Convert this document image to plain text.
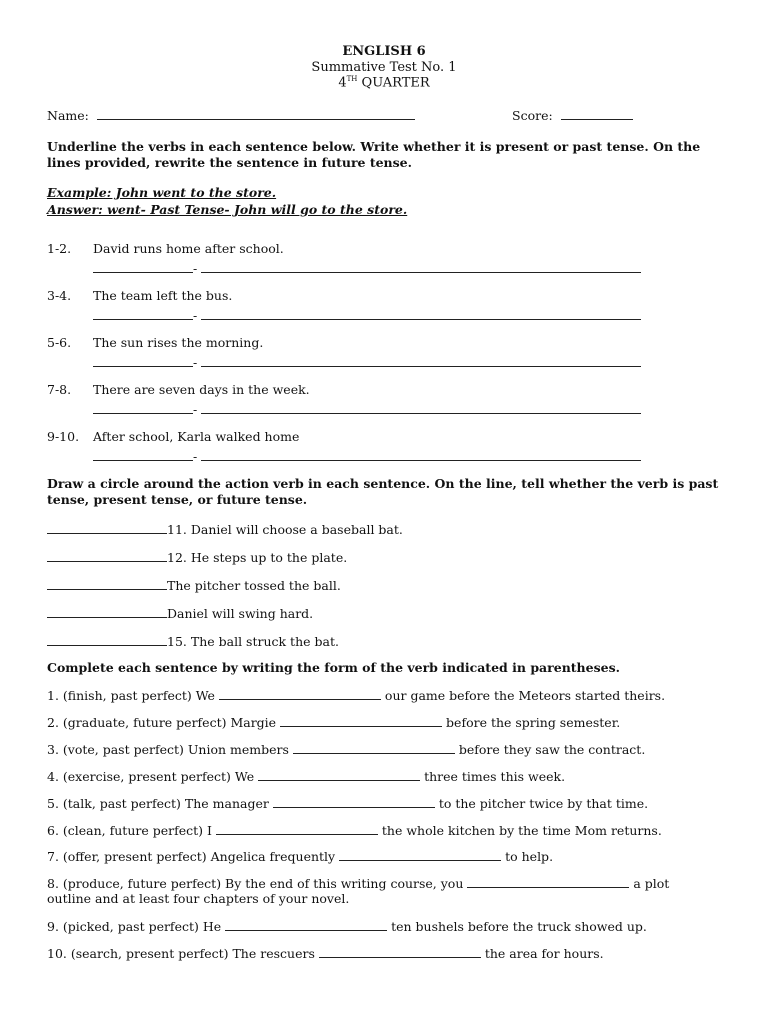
ENGLISH 6
Summative Test No. 1
4TH QUARTER
Name:	Score:
Underline the verbs in each sentence below. Write whether it is present or past tense. On the lines provided, rewrite the sentence in future tense.
Example: John went to the store.
Answer: went- Past Tense- John will go to the store.
1-2. David runs home after school.
-
3-4. The team left the bus.
-
5-6. The sun rises the morning.
-
7-8. There are seven days in the week.
-
9-10. After school, Karla walked home
-
Draw a circle around the action verb in each sentence. On the line, tell whether the verb is past tense, present tense, or future tense.
11. Daniel will choose a baseball bat.
12. He steps up to the plate.
The pitcher tossed the ball.
Daniel will swing hard.
15. The ball struck the bat.
Complete each sentence by writing the form of the verb indicated in parentheses.
1. (finish, past perfect) We	our game before the Meteors started theirs.
2. (graduate, future perfect) Margie	before the spring semester.
3. (vote, past perfect) Union members	before they saw the contract.
4. (exercise, present perfect) We	three times this week.
5. (talk, past perfect) The manager	to the pitcher twice by that time.
6. (clean, future perfect) I	the whole kitchen by the time Mom returns.
7. (offer, present perfect) Angelica frequently	to help.
8. (produce, future perfect) By the end of this writing course, you	a plot
outline and at least four chapters of your novel.
9. (picked, past perfect) He	ten bushels before the truck showed up.
10. (search, present perfect) The rescuers	the area for hours.
